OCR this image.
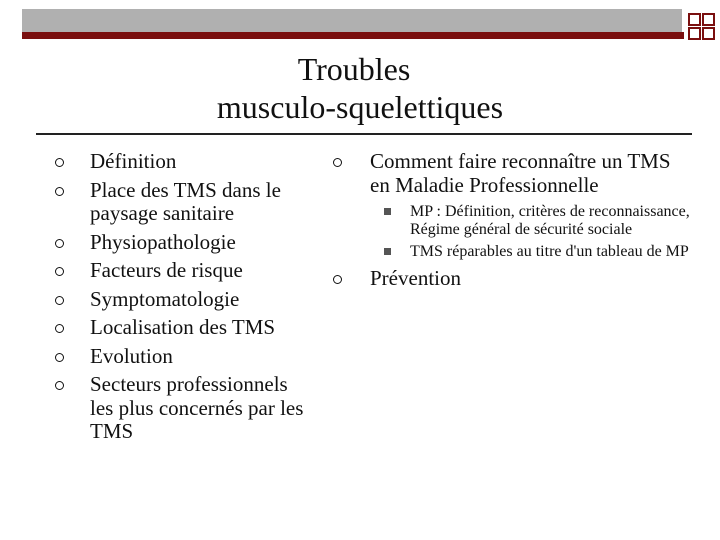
Troubles
musculo-squelettiques
Définition
Place des TMS dans le paysage sanitaire
Physiopathologie
Facteurs de risque
Symptomatologie
Localisation des TMS
Evolution
Secteurs professionnels les plus concernés par les TMS
Comment faire reconnaître un TMS en Maladie Professionnelle
MP : Définition, critères de reconnaissance, Régime général de sécurité sociale
TMS réparables au titre d'un tableau de MP
Prévention
